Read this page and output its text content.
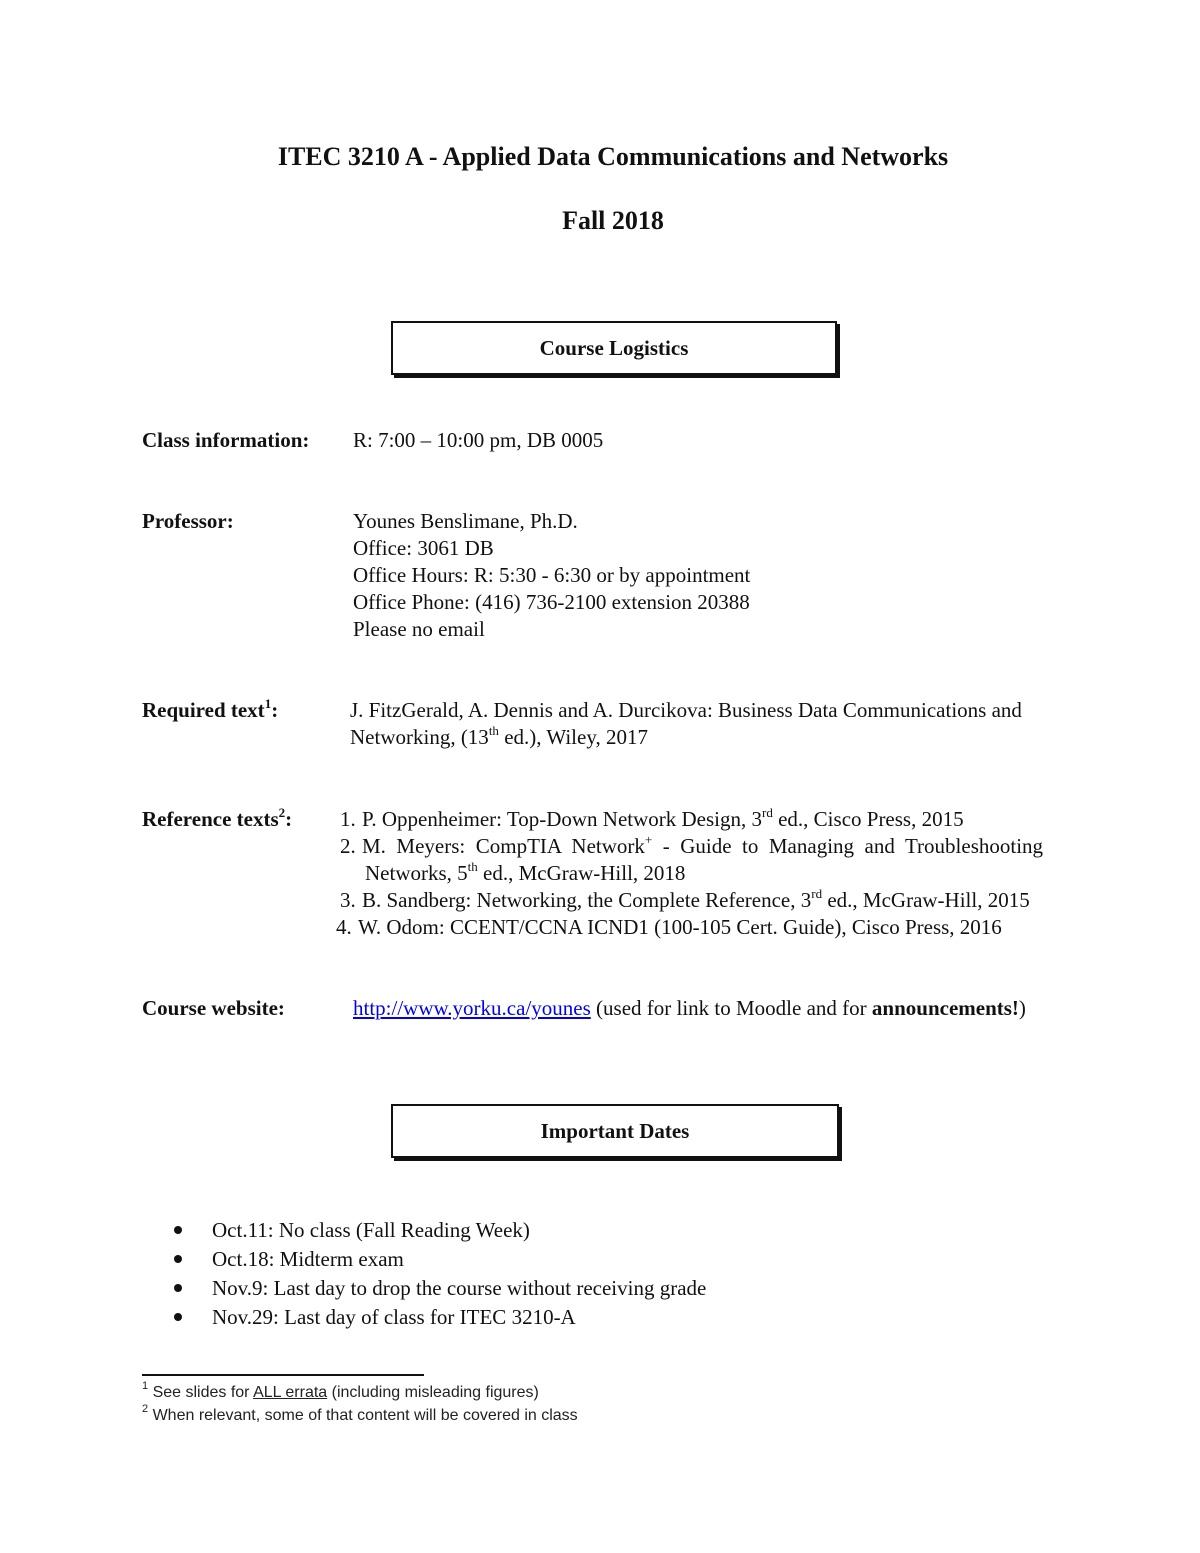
ITEC 3210 A - Applied Data Communications and Networks
Fall 2018
Course Logistics
Class information: R: 7:00 – 10:00 pm, DB 0005
Professor:	Younes Benslimane, Ph.D.
Office: 3061 DB
Office Hours: R: 5:30 - 6:30 or by appointment
Office Phone: (416) 736-2100 extension 20388
Please no email
Required text$^1$:	J. FitzGerald, A. Dennis and A. Durcikova: Business Data Communications and
Networking, (13th ed.), Wiley, 2017
Reference texts$^2$: 1. P. Oppenheimer: Top-Down Network Design, 3rd ed., Cisco Press, 2015
2. M.  Meyers:  CompTIA  Network+  -  Guide  to  Managing  and  Troubleshooting
Networks, 5th ed., McGraw-Hill, 2018
3. B. Sandberg: Networking, the Complete Reference, 3rd ed., McGraw-Hill, 2015
4. W. Odom: CCENT/CCNA ICND1 (100-105 Cert. Guide), Cisco Press, 2016
Course website:	http://www.yorku.ca/younes (used for link to Moodle and for announcements!)
Important Dates
Oct.11: No class (Fall Reading Week)
Oct.18: Midterm exam
Nov.9: Last day to drop the course without receiving grade
Nov.29: Last day of class for ITEC 3210-A
$^1$ See slides for ALL errata (including misleading figures)
$^2$ When relevant, some of that content will be covered in class
